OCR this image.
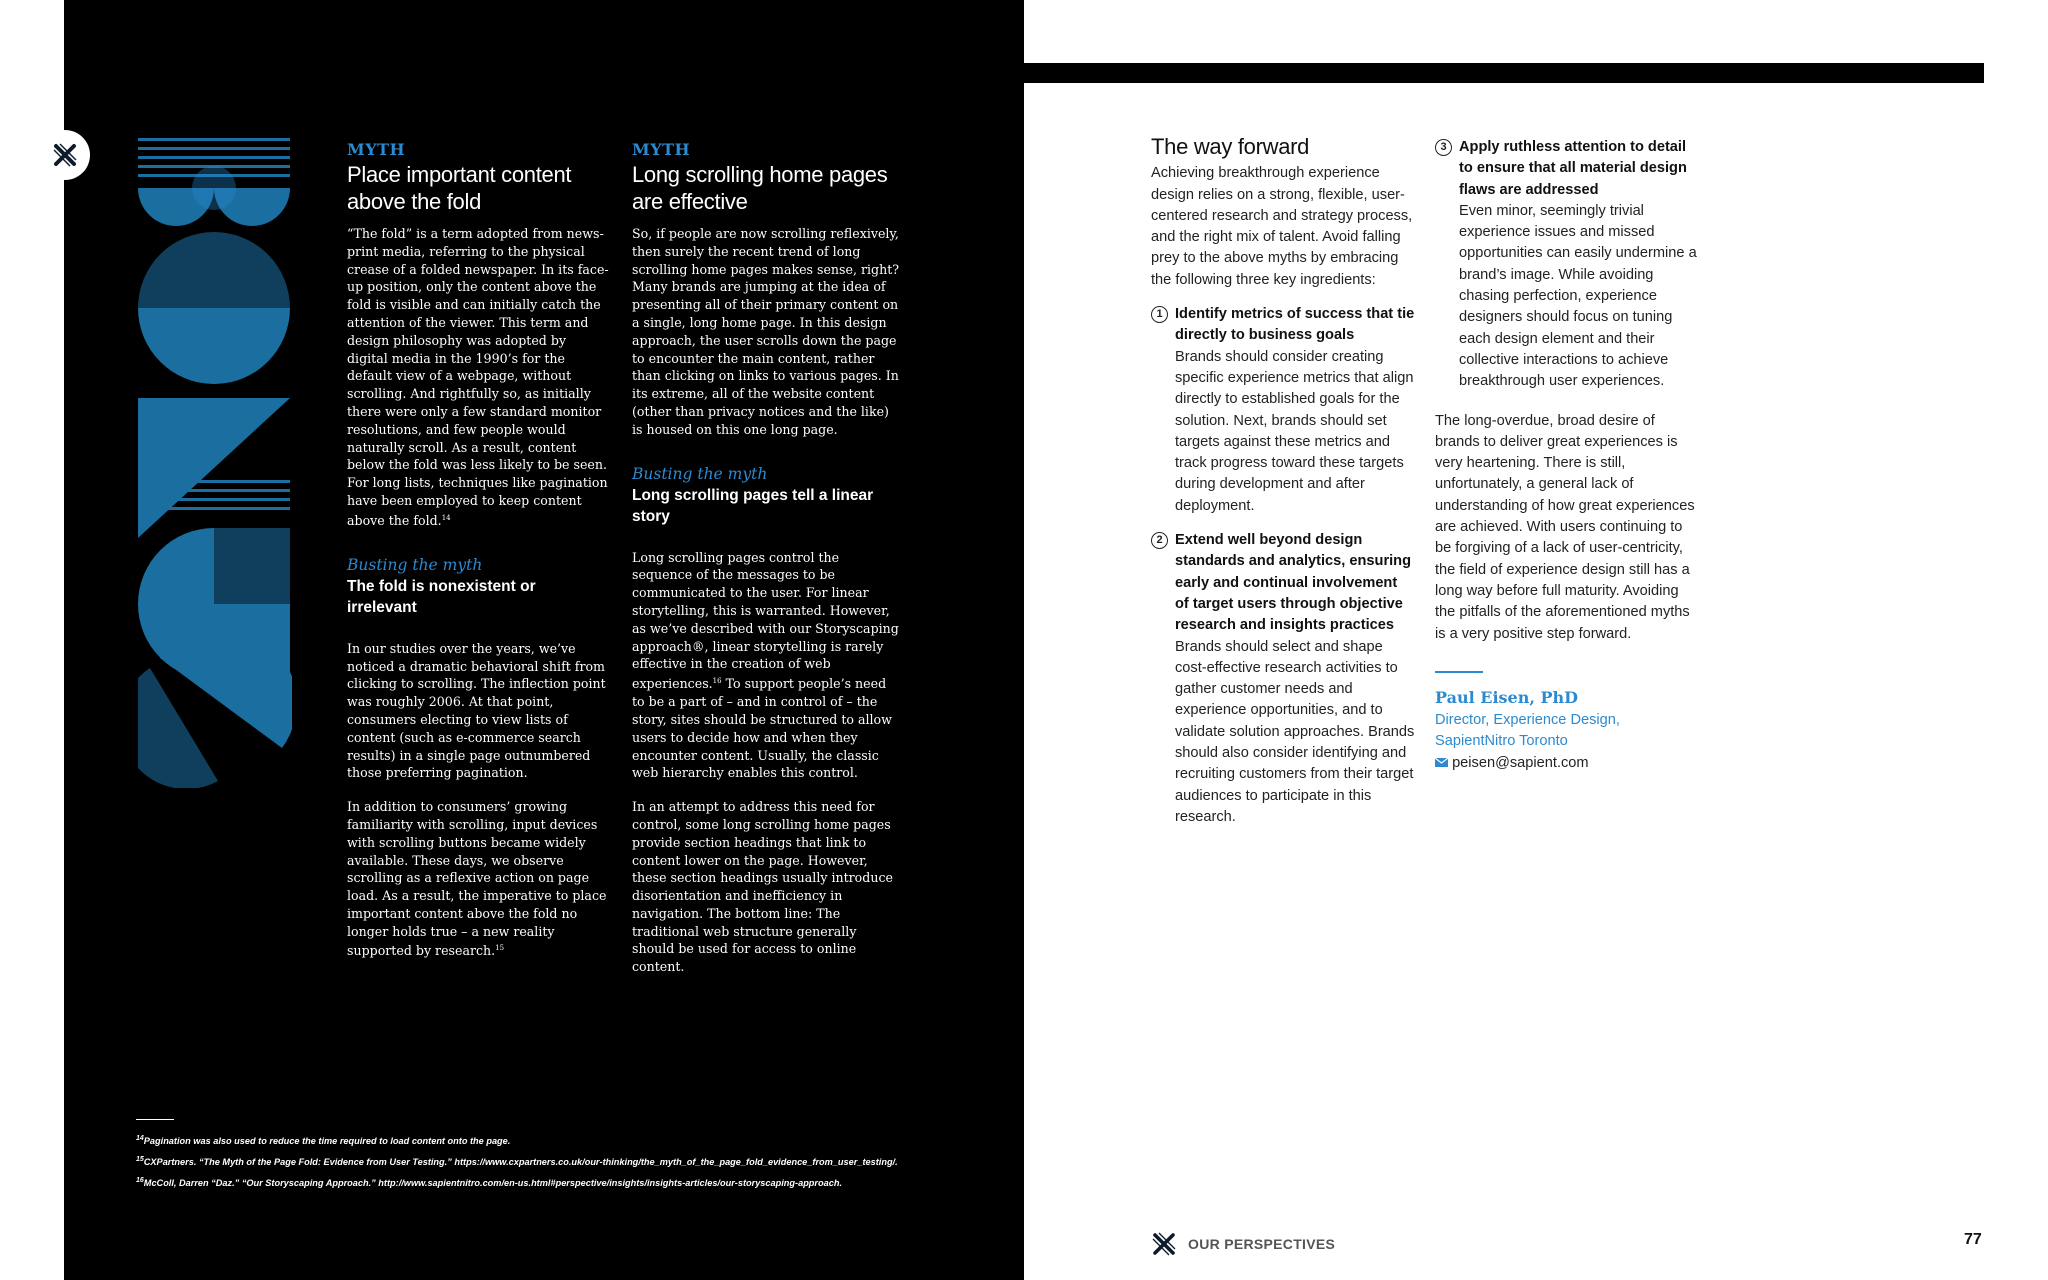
MYTH

Place important content
above the fold

“The fold” is a term adopted from news-print media, referring to the physical crease of a folded newspaper. In its face-up position, only the content above the fold is visible and can initially catch the attention of the viewer. This term and design philosophy was adopted by digital media in the 1990’s for the default view of a webpage, without scrolling. And rightfully so, as initially there were only a few standard monitor resolutions, and few people would naturally scroll. As a result, content below the fold was less likely to be seen. For long lists, techniques like pagination have been employed to keep content above the fold.$^{14}$

Busting the myth

The fold is nonexistent or irrelevant

In our studies over the years, we’ve noticed a dramatic behavioral shift from clicking to scrolling. The inflection point was roughly 2006. At that point, consumers electing to view lists of content (such as e-commerce search results) in a single page outnumbered those preferring pagination.

In addition to consumers’ growing familiarity with scrolling, input devices with scrolling buttons became widely available. These days, we observe scrolling as a reflexive action on page load. As a result, the imperative to place important content above the fold no longer holds true – a new reality supported by research.$^{15}$

MYTH

Long scrolling home pages
are effective

So, if people are now scrolling reflexively, then surely the recent trend of long scrolling home pages makes sense, right? Many brands are jumping at the idea of presenting all of their primary content on a single, long home page. In this design approach, the user scrolls down the page to encounter the main content, rather than clicking on links to various pages. In its extreme, all of the website content (other than privacy notices and the like) is housed on this one long page.

Busting the myth

Long scrolling pages tell a linear story

Long scrolling pages control the sequence of the messages to be communicated to the user. For linear storytelling, this is warranted. However, as we’ve described with our Storyscaping approach®, linear storytelling is rarely effective in the creation of web experiences.$^{16}$ To support people’s need to be a part of – and in control of – the story, sites should be structured to allow users to decide how and when they encounter content. Usually, the classic web hierarchy enables this control.

In an attempt to address this need for control, some long scrolling home pages provide section headings that link to content lower on the page. However, these section headings usually introduce disorientation and inefficiency in navigation. The bottom line: The traditional web structure generally should be used for access to online content.

$^{14}$Pagination was also used to reduce the time required to load content onto the page.

$^{15}$CXPartners. “The Myth of the Page Fold: Evidence from User Testing.” https://www.cxpartners.co.uk/our-thinking/the_myth_of_the_page_fold_evidence_from_user_testing/.

$^{16}$McColl, Darren “Daz.” “Our Storyscaping Approach.” http://www.sapientnitro.com/en-us.html#perspective/insights/insights-articles/our-storyscaping-approach.

The way forward

Achieving breakthrough experience design relies on a strong, flexible, user-centered research and strategy process, and the right mix of talent. Avoid falling prey to the above myths by embracing the following three key ingredients:

1 Identify metrics of success that tie directly to business goals

Brands should consider creating specific experience metrics that align directly to established goals for the solution. Next, brands should set targets against these metrics and track progress toward these targets during development and after deployment.

2 Extend well beyond design standards and analytics, ensuring early and continual involvement of target users through objective research and insights practices

Brands should select and shape cost-effective research activities to gather customer needs and experience opportunities, and to validate solution approaches. Brands should also consider identifying and recruiting customers from their target audiences to participate in this research.

3 Apply ruthless attention to detail to ensure that all material design flaws are addressed

Even minor, seemingly trivial experience issues and missed opportunities can easily undermine a brand’s image. While avoiding chasing perfection, experience designers should focus on tuning each design element and their collective interactions to achieve breakthrough user experiences.

The long-overdue, broad desire of brands to deliver great experiences is very heartening. There is still, unfortunately, a general lack of understanding of how great experiences are achieved. With users continuing to be forgiving of a lack of user-centricity, the field of experience design still has a long way before full maturity. Avoiding the pitfalls of the aforementioned myths is a very positive step forward.

Paul Eisen, PhD

Director, Experience Design,
SapientNitro Toronto

peisen@sapient.com

OUR PERSPECTIVES	77
